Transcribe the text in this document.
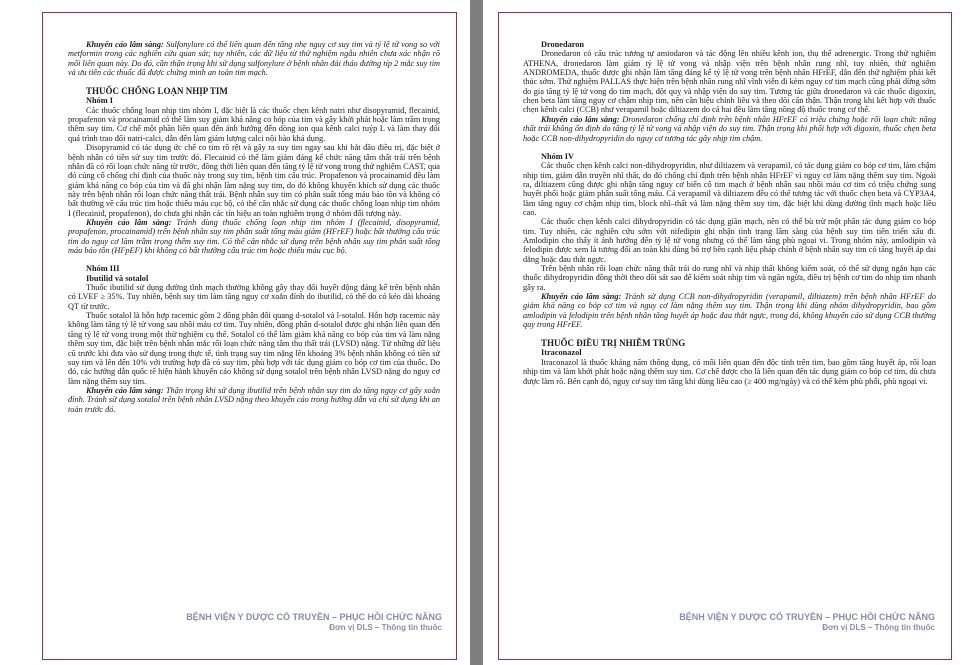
Khuyến cáo lâm sàng: Sulfonylure có thể liên quan đến tăng nhẹ nguy cơ suy tim và tỷ lệ tử vong so với metformin trong các nghiên cứu quan sát; tuy nhiên, các dữ liệu từ thử nghiệm ngẫu nhiên chưa xác nhận rõ mối liên quan này. Do đó, cần thận trọng khi sử dụng sulfonylure ở bệnh nhân đái tháo đường típ 2 mắc suy tim và ưu tiên các thuốc đã được chứng minh an toàn tim mạch.

THUỐC CHỐNG LOẠN NHỊP TIM
Nhóm I

Các thuốc chống loạn nhịp tim nhóm I, đặc biệt là các thuốc chẹn kênh natri như disopyramid, flecainid, propafenon và procainamid có thể làm suy giảm khả năng co bóp của tim và gây khởi phát hoặc làm trầm trọng thêm suy tim. Cơ chế một phần liên quan đến ảnh hưởng đến dòng ion qua kênh calci tuýp L và làm thay đổi quá trình trao đổi natri-calci, dẫn đến làm giảm lượng calci nội bào khả dụng.

Disopyramid có tác dụng ức chế co tim rõ rệt và gây ra suy tim ngay sau khi bắt đầu điều trị, đặc biệt ở bệnh nhân có tiền sử suy tim trước đó. Flecainid có thể làm giảm đáng kể chức năng tâm thất trái trên bệnh nhân đã có rối loạn chức năng từ trước, đồng thời liên quan đến tăng tỷ lệ tử vong trong thử nghiệm CAST, qua đó củng cố chống chỉ định của thuốc này trong suy tim, bệnh tim cấu trúc. Propafenon và procainamid đều làm giảm khả năng co bóp của tim và đã ghi nhận làm nặng suy tim, do đó không khuyến khích sử dụng các thuốc này trên bệnh nhân rối loạn chức năng thất trái. Bệnh nhân suy tim có phân suất tống máu bảo tồn và không có bất thường về cấu trúc tim hoặc thiếu máu cục bộ, có thể cân nhắc sử dụng các thuốc chống loạn nhịp tim nhóm I (flecainid, propafenon), do chưa ghi nhận các tín hiệu an toàn nghiêm trọng ở nhóm đối tượng này.

Khuyến cáo lâm sàng: Tránh dùng thuốc chống loạn nhịp tim nhóm I (flecainid, disopyramid, propafenon, procainamid) trên bệnh nhân suy tim phân suất tống máu giảm (HFrEF) hoặc bất thường cấu trúc tim do nguy cơ làm trầm trọng thêm suy tim. Có thể cân nhắc sử dụng trên bệnh nhân suy tim phân suất tống máu bảo tồn (HFpEF) khi không có bất thường cấu trúc tim hoặc thiếu máu cục bộ.

Nhóm III
Ibutilid và sotalol

Thuốc ibutilid sử dụng đường tĩnh mạch thường không gây thay đổi huyết động đáng kể trên bệnh nhân có LVEF ≥ 35%. Tuy nhiên, bệnh suy tim làm tăng nguy cơ xoắn đỉnh do ibutilid, có thể do có kéo dài khoảng QT từ trước.

Thuốc sotalol là hỗn hợp racemic gồm 2 đồng phân đối quang d-sotalol và l-sotalol. Hỗn hợp racemic này không làm tăng tỷ lệ tử vong sau nhồi máu cơ tim. Tuy nhiên, đồng phân d-sotalol được ghi nhận liên quan đến tăng tỷ lệ tử vong trong một thử nghiệm cụ thể. Sotalol có thể làm giảm khả năng co bóp của tim và làm nặng thêm suy tim, đặc biệt trên bệnh nhân mắc rối loạn chức năng tâm thu thất trái (LVSD) nặng. Từ những dữ liệu cũ trước khi đưa vào sử dụng trong thực tế, tình trạng suy tim nặng lên khoảng 3% bệnh nhân không có tiền sử suy tim và lên đến 10% với trường hợp đã có suy tim, phù hợp với tác dụng giảm co bóp cơ tim của thuốc. Do đó, các hướng dẫn quốc tế hiện hành khuyến cáo không sử dụng sotalol trên bệnh nhân LVSD nặng do nguy cơ làm nặng thêm suy tim.

Khuyến cáo lâm sàng: Thận trọng khi sử dụng ibutilid trên bệnh nhân suy tim do tăng nguy cơ gây xoắn đỉnh. Tránh sử dụng sotalol trên bệnh nhân LVSD nặng theo khuyến cáo trong hướng dẫn và chỉ sử dụng khi an toàn trước đó.

BỆNH VIỆN Y DƯỢC CỔ TRUYỀN – PHỤC HỒI CHỨC NĂNG
Đơn vị DLS – Thông tin thuốc
Dronedaron

Dronedaron có cấu trúc tương tự amiodaron và tác động lên nhiều kênh ion, thụ thể adrenergic. Trong thử nghiệm ATHENA, dronedaron làm giảm tỷ lệ tử vong và nhập viện trên bệnh nhân rung nhĩ, tuy nhiên, thử nghiệm ANDROMEDA, thuốc được ghi nhận làm tăng đáng kể tỷ lệ tử vong trên bệnh nhân HFrEF, dẫn đến thử nghiệm phải kết thúc sớm. Thử nghiệm PALLAS thực hiện trên bệnh nhân rung nhĩ vĩnh viễn đi kèm nguy cơ tim mạch cũng phải dừng sớm do gia tăng tỷ lệ tử vong do tim mạch, đột quỵ và nhập viện do suy tim. Tương tác giữa dronedaron và các thuốc digoxin, chẹn beta làm tăng nguy cơ chậm nhịp tim, nên cần hiệu chỉnh liều và theo dõi cẩn thận. Thận trọng khi kết hợp với thuốc chẹn kênh calci (CCB) như verapamil hoặc diltiazem do cả hai đều làm tăng nồng độ thuốc trong cơ thể.

Khuyến cáo lâm sàng: Dronedaron chống chỉ định trên bệnh nhân HFrEF có triệu chứng hoặc rối loạn chức năng thất trái không ổn định do tăng tỷ lệ tử vong và nhập viện do suy tim. Thận trọng khi phối hợp với digoxin, thuốc chẹn beta hoặc CCB non-dihydropyridin do nguy cơ tương tác gây nhịp tim chậm.

Nhóm IV

Các thuốc chẹn kênh calci non-dihydropyridin, như diltiazem và verapamil, có tác dụng giảm co bóp cơ tim, làm chậm nhịp tim, giảm dẫn truyền nhĩ thất, do đó chống chỉ định trên bệnh nhân HFrEF vì nguy cơ làm nặng thêm suy tim. Ngoài ra, diltiazem cũng được ghi nhận tăng nguy cơ biến cố tim mạch ở bệnh nhân sau nhồi máu cơ tim có triệu chứng sung huyết phổi hoặc giảm phân suất tống máu. Cả verapamil và diltiazem đều có thể tương tác với thuốc chẹn beta và CYP3A4, làm tăng nguy cơ chậm nhịp tim, block nhĩ–thất và làm nặng thêm suy tim, đặc biệt khi dùng đường tĩnh mạch hoặc liều cao.

Các thuốc chẹn kênh calci dihydropyridin có tác dụng giãn mạch, nên có thể bù trừ một phần tác dụng giảm co bóp tim. Tuy nhiên, các nghiên cứu sớm với nifedipin ghi nhận tình trạng lâm sàng của bệnh suy tim tiến triển xấu đi. Amlodipin cho thấy ít ảnh hưởng đến tỷ lệ tử vong nhưng có thể làm tăng phù ngoại vi. Trong nhóm này, amlodipin và felodipin được xem là tương đối an toàn khi dùng bổ trợ bên cạnh liệu pháp chính ở bệnh nhân suy tim có tăng huyết áp dai dẳng hoặc đau thắt ngực.

Trên bệnh nhân rối loạn chức năng thất trái do rung nhĩ và nhịp thất không kiểm soát, có thể sử dụng ngắn hạn các thuốc dihydropyridin đồng thời theo dõi sát sao để kiểm soát nhịp tim và ngăn ngừa, điều trị bệnh cơ tim do nhịp tim nhanh gây ra.

Khuyến cáo lâm sàng: Tránh sử dụng CCB non-dihydropyridin (verapamil, diltiazem) trên bệnh nhân HFrEF do giảm khả năng co bóp cơ tim và nguy cơ làm nặng thêm suy tim. Thận trọng khi dùng nhóm dihydropyridin, bao gồm amlodipin và felodipin trên bệnh nhân tăng huyết áp hoặc đau thắt ngực, trong đó, không khuyến cáo sử dụng CCB thường quy trong HFrEF.

THUỐC ĐIỀU TRỊ NHIỄM TRÙNG
Itraconazol

Itraconazol là thuốc kháng nấm thông dụng, có mối liên quan đến độc tính trên tim, bao gồm tăng huyết áp, rối loạn nhịp tim và làm khởi phát hoặc nặng thêm suy tim. Cơ chế được cho là liên quan đến tác dụng giảm co bóp cơ tim, dù chưa được làm rõ. Bên cạnh đó, nguy cơ suy tim tăng khi dùng liều cao (≥ 400 mg/ngày) và có thể kèm phù phổi, phù ngoại vi.

BỆNH VIỆN Y DƯỢC CỔ TRUYỀN – PHỤC HỒI CHỨC NĂNG
Đơn vị DLS – Thông tin thuốc
